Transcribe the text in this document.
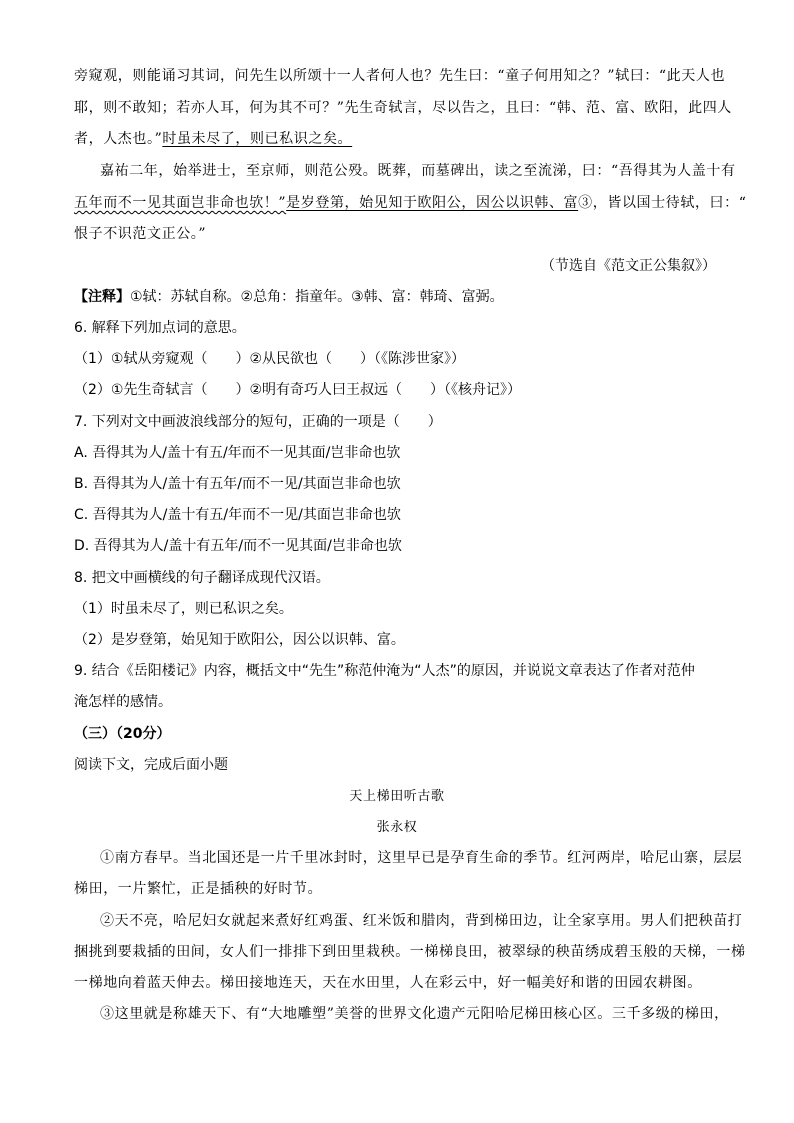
旁窥观，则能诵习其词，问先生以所颂十一人者何人也？先生曰：“童子何用知之？”轼曰：“此天人也
耶，则不敢知；若亦人耳，何为其不可？”先生奇轼言，尽以告之，且曰：“韩、范、富、欧阳，此四人
者，人杰也。”时虽未尽了，则已私识之矣。
嘉祐二年，始举进士，至京师，则范公殁。既葬，而墓碑出，读之至流涕，曰：“吾得其为人盖十有
五年而不一见其面岂非命也欤！”是岁登第，始见知于欧阳公，因公以识韩、富③，皆以国士待轼，曰：“
恨子不识范文正公。”
（节选自《范文正公集叙》）
【注释】①轼：苏轼自称。②总角：指童年。③韩、富：韩琦、富弼。
6. 解释下列加点词的意思。
（1）①轼从旁窥观（　　）②从民欲也（　　）（《陈涉世家》）
（2）①先生奇轼言（　　）②明有奇巧人曰王叔远（　　）（《核舟记》）
7. 下列对文中画波浪线部分的短句，正确的一项是（　　）
A. 吾得其为人/盖十有五/年而不一见其面/岂非命也欤
B. 吾得其为人/盖十有五年/而不一见/其面岂非命也欤
C. 吾得其为人/盖十有五/年而不一见/其面岂非命也欤
D. 吾得其为人/盖十有五年/而不一见其面/岂非命也欤
8. 把文中画横线的句子翻译成现代汉语。
（1）时虽未尽了，则已私识之矣。
（2）是岁登第，始见知于欧阳公，因公以识韩、富。
9. 结合《岳阳楼记》内容，概括文中“先生”称范仲淹为“人杰”的原因，并说说文章表达了作者对范仲
淹怎样的感情。
（三）（20分）
阅读下文，完成后面小题
天上梯田听古歌
张永权
①南方春早。当北国还是一片千里冰封时，这里早已是孕育生命的季节。红河两岸，哈尼山寨，层层
梯田，一片繁忙，正是插秧的好时节。
②天不亮，哈尼妇女就起来煮好红鸡蛋、红米饭和腊肉，背到梯田边，让全家享用。男人们把秧苗打
捆挑到要栽插的田间，女人们一排排下到田里栽秧。一梯梯良田，被翠绿的秧苗绣成碧玉般的天梯，一梯
一梯地向着蓝天伸去。梯田接地连天，天在水田里，人在彩云中，好一幅美好和谐的田园农耕图。
③这里就是称雄天下、有“大地雕塑”美誉的世界文化遗产元阳哈尼梯田核心区。三千多级的梯田，
